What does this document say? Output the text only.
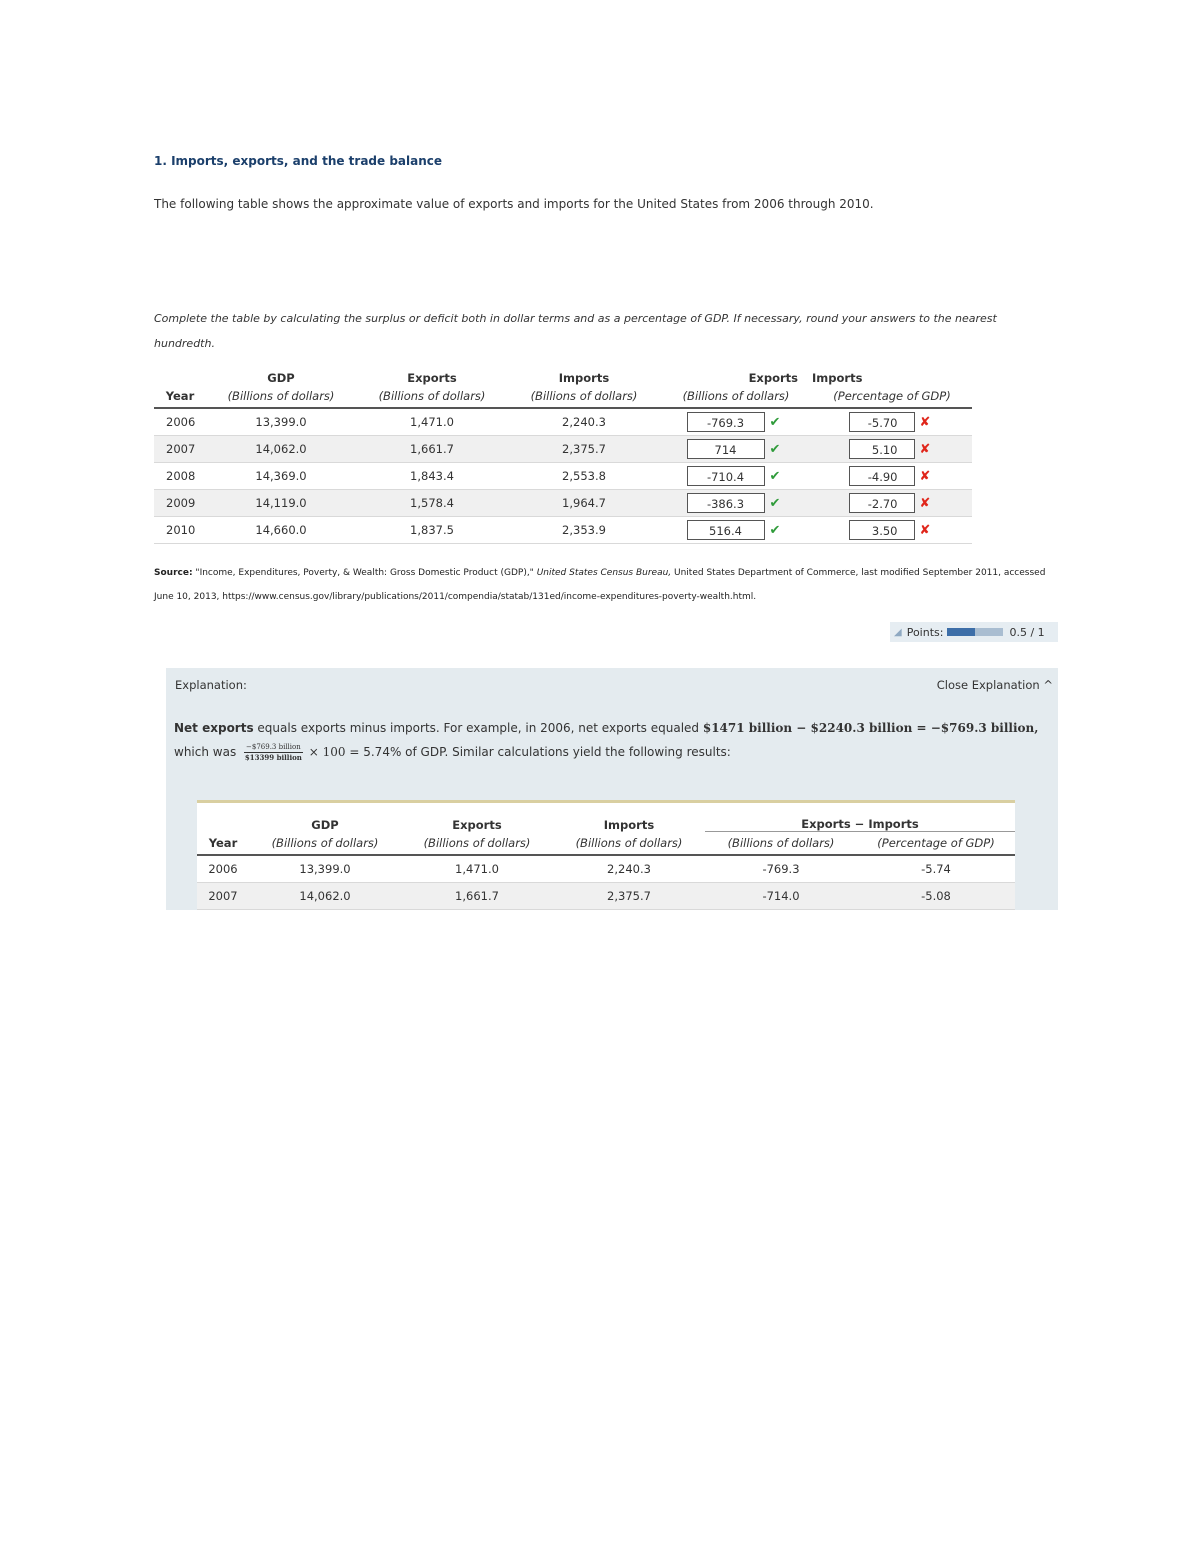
1. Imports, exports, and the trade balance
The following table shows the approximate value of exports and imports for the United States from 2006 through 2010.
Complete the table by calculating the surplus or deficit both in dollar terms and as a percentage of GDP. If necessary, round your answers to the nearest hundredth.
	GDP	Exports	Imports	Exports	Imports
Year	(Billions of dollars)	(Billions of dollars)	(Billions of dollars)	(Billions of dollars)	(Percentage of GDP)
2006	13,399.0	1,471.0	2,240.3	-769.3 ✔	-5.70 ✘

2007	14,062.0	1,661.7	2,375.7	714 ✔	5.10 ✘

2008	14,369.0	1,843.4	2,553.8	-710.4 ✔	-4.90 ✘

2009	14,119.0	1,578.4	1,964.7	-386.3 ✔	-2.70 ✘

2010	14,660.0	1,837.5	2,353.9	516.4 ✔	3.50 ✘
Source: "Income, Expenditures, Poverty, & Wealth: Gross Domestic Product (GDP)," United States Census Bureau, United States Department of Commerce, last modified September 2011, accessed June 10, 2013, https://www.census.gov/library/publications/2011/compendia/statab/131ed/income-expenditures-poverty-wealth.html.
◢ Points:	0.5 / 1
Explanation:	Close Explanation ^
Net exports equals exports minus imports. For example, in 2006, net exports equaled $1471 billion − $2240.3 billion = −$769.3 billion,
which was $\frac{\text{−\$769.3 billion}}{\text{\$13399 billion}} \times 100 = 5.74\%$ of GDP. Similar calculations yield the following results:
	GDP	Exports	Imports	Exports − Imports	
Year	(Billions of dollars)	(Billions of dollars)	(Billions of dollars)	(Billions of dollars)	(Percentage of GDP)
2006	13,399.0	1,471.0	2,240.3	-769.3	-5.74
2007	14,062.0	1,661.7	2,375.7	-714.0	-5.08
